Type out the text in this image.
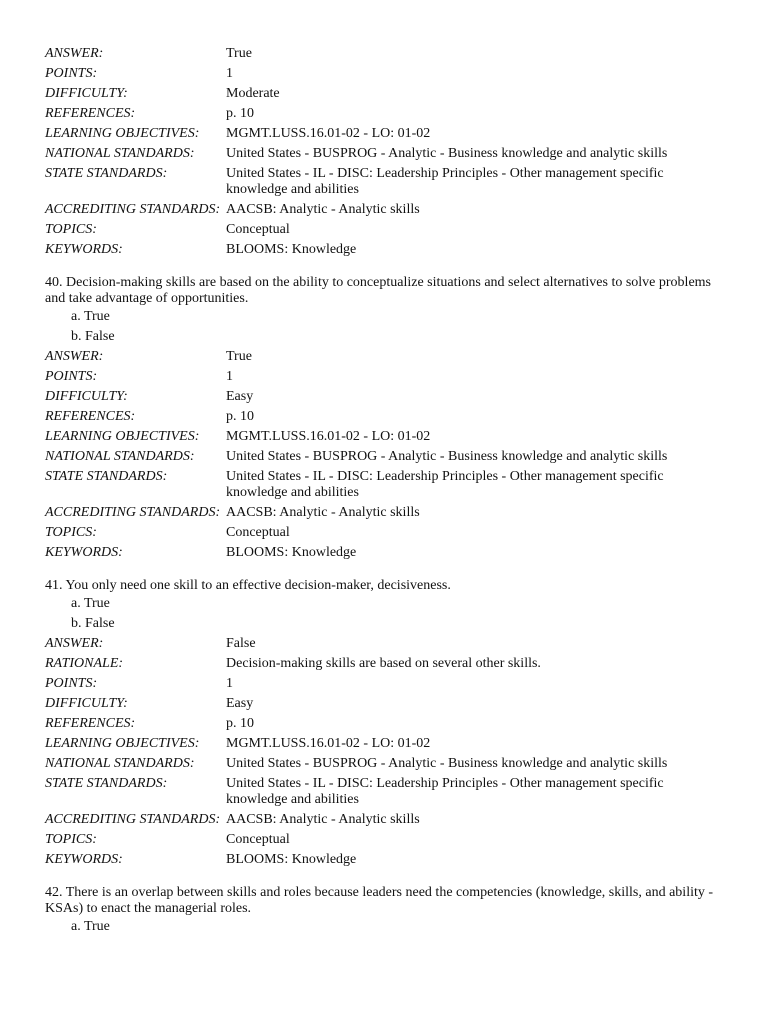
ANSWER:	True
POINTS:	1
DIFFICULTY:	Moderate
REFERENCES:	p. 10
LEARNING OBJECTIVES:	MGMT.LUSS.16.01-02 - LO: 01-02
NATIONAL STANDARDS:	United States - BUSPROG - Analytic - Business knowledge and analytic skills
STATE STANDARDS:	United States - IL - DISC: Leadership Principles - Other management specific knowledge and abilities
ACCREDITING STANDARDS: AACSB: Analytic - Analytic skills
TOPICS:	Conceptual
KEYWORDS:	BLOOMS: Knowledge
40. Decision-making skills are based on the ability to conceptualize situations and select alternatives to solve problems and take advantage of opportunities.
a. True
b. False
ANSWER:	True
POINTS:	1
DIFFICULTY:	Easy
REFERENCES:	p. 10
LEARNING OBJECTIVES:	MGMT.LUSS.16.01-02 - LO: 01-02
NATIONAL STANDARDS:	United States - BUSPROG - Analytic - Business knowledge and analytic skills
STATE STANDARDS:	United States - IL - DISC: Leadership Principles - Other management specific knowledge and abilities
ACCREDITING STANDARDS: AACSB: Analytic - Analytic skills
TOPICS:	Conceptual
KEYWORDS:	BLOOMS: Knowledge
41. You only need one skill to an effective decision-maker, decisiveness.
a. True
b. False
ANSWER:	False
RATIONALE:	Decision-making skills are based on several other skills.
POINTS:	1
DIFFICULTY:	Easy
REFERENCES:	p. 10
LEARNING OBJECTIVES:	MGMT.LUSS.16.01-02 - LO: 01-02
NATIONAL STANDARDS:	United States - BUSPROG - Analytic - Business knowledge and analytic skills
STATE STANDARDS:	United States - IL - DISC: Leadership Principles - Other management specific knowledge and abilities
ACCREDITING STANDARDS: AACSB: Analytic - Analytic skills
TOPICS:	Conceptual
KEYWORDS:	BLOOMS: Knowledge
42. There is an overlap between skills and roles because leaders need the competencies (knowledge, skills, and ability - KSAs) to enact the managerial roles.
a. True
